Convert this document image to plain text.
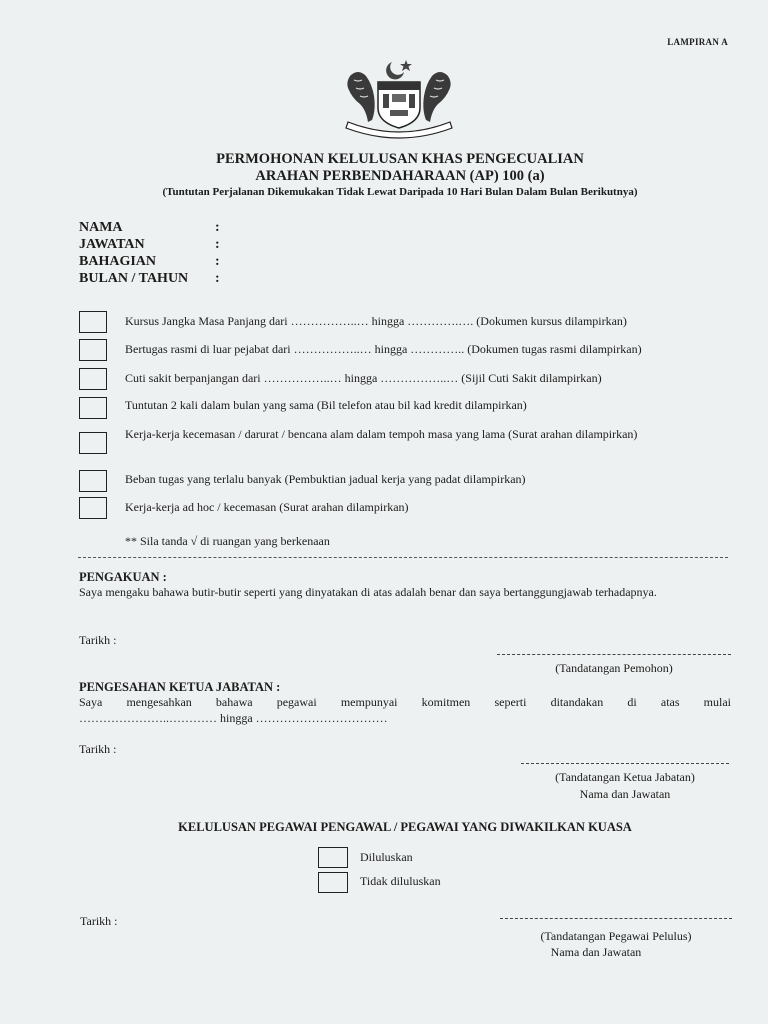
LAMPIRAN A
PERMOHONAN KELULUSAN KHAS PENGECUALIAN
ARAHAN PERBENDAHARAAN (AP) 100 (a)
(Tuntutan Perjalanan Dikemukakan Tidak Lewat Daripada 10 Hari Bulan Dalam Bulan Berikutnya)
NAMA	:
JAWATAN	:
BAHAGIAN	:
BULAN / TAHUN :
Kursus Jangka Masa Panjang dari ……………..… hingga ………….…. (Dokumen kursus dilampirkan)
Bertugas rasmi di luar pejabat dari ……………..… hingga ………….. (Dokumen tugas rasmi dilampirkan)
Cuti sakit berpanjangan dari ……………..… hingga ……………..… (Sijil Cuti Sakit dilampirkan)
Tuntutan 2 kali dalam bulan yang sama (Bil telefon atau bil kad kredit dilampirkan)
Kerja-kerja kecemasan / darurat / bencana alam dalam tempoh masa yang lama (Surat arahan dilampirkan)
Beban tugas yang terlalu banyak (Pembuktian jadual kerja yang padat dilampirkan)
Kerja-kerja ad hoc / kecemasan (Surat arahan dilampirkan)
** Sila tanda √ di ruangan yang berkenaan
PENGAKUAN :
Saya mengaku bahawa butir-butir seperti yang dinyatakan di atas adalah benar dan saya bertanggungjawab terhadapnya.
Tarikh :
(Tandatangan Pemohon)
PENGESAHAN KETUA JABATAN :
Saya mengesahkan bahawa pegawai mempunyai komitmen seperti ditandakan di atas mulai
…………………..………… hingga ……………………………
Tarikh :
(Tandatangan Ketua Jabatan)
Nama dan Jawatan
KELULUSAN PEGAWAI PENGAWAL / PEGAWAI YANG DIWAKILKAN KUASA
Diluluskan
Tidak diluluskan
Tarikh :
(Tandatangan Pegawai Pelulus)
Nama dan Jawatan
